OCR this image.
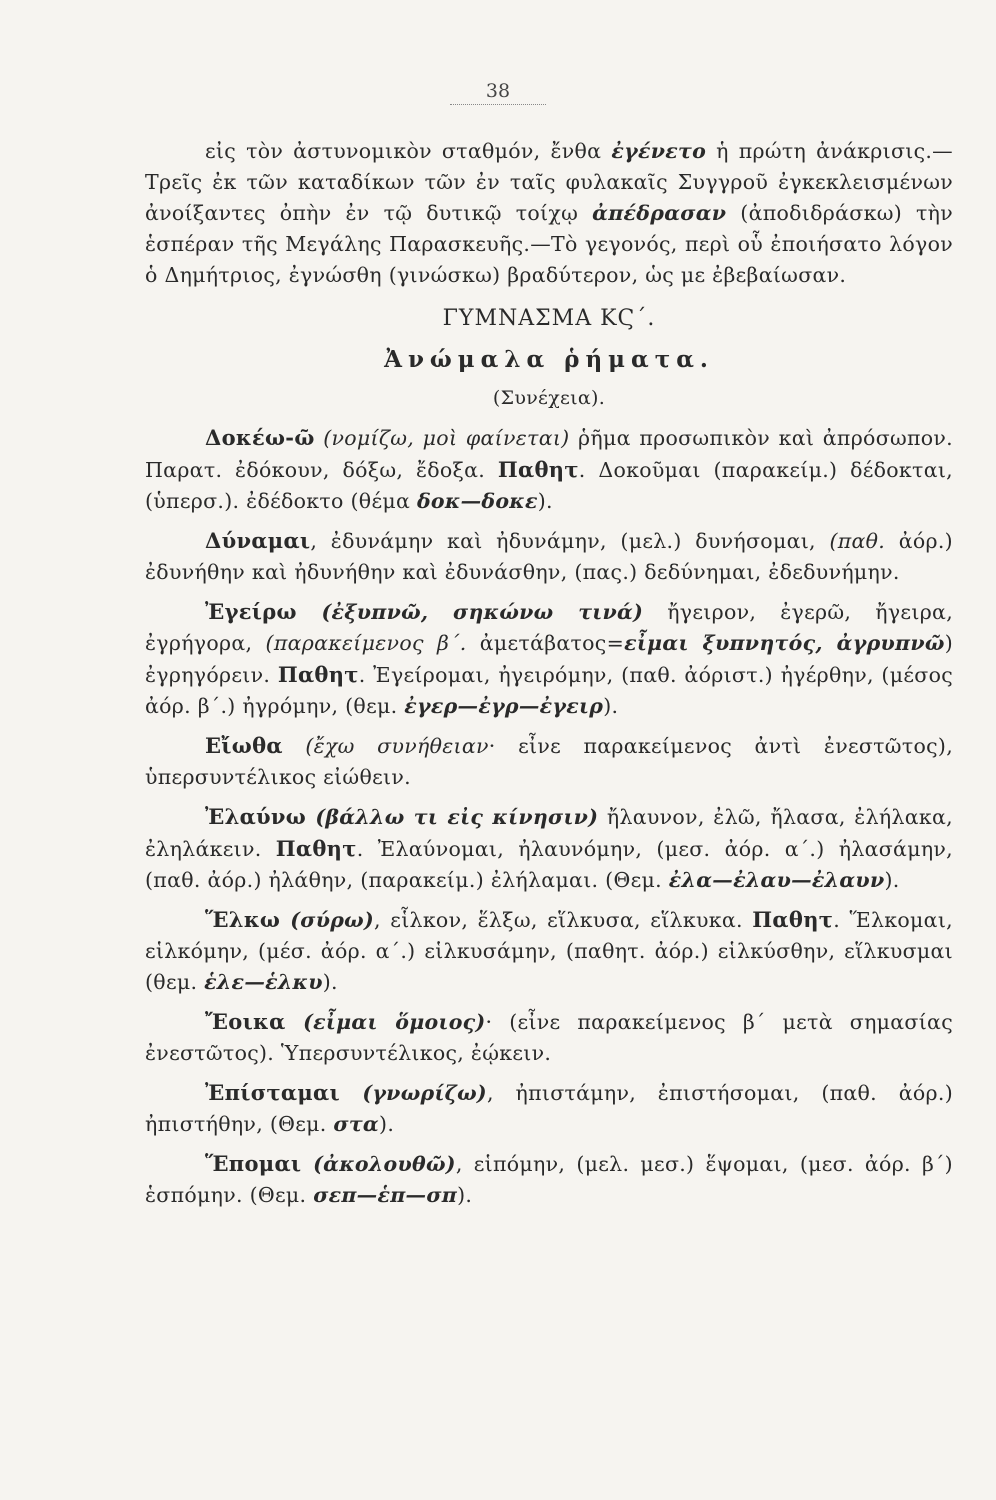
38

εἰς τὸν ἀστυνομικὸν σταθμόν, ἔνθα ἐγένετο ἡ πρώτη ἀνάκρισις.—Τρεῖς ἐκ τῶν καταδίκων τῶν ἐν ταῖς φυλακαῖς Συγγροῦ ἐγκεκλεισμένων ἀνοίξαντες ὀπὴν ἐν τῷ δυτικῷ τοίχῳ ἀπέδρασαν (ἀποδιδράσκω) τὴν ἑσπέραν τῆς Μεγάλης Παρασκευῆς.—Τὸ γεγονός, περὶ οὗ ἐποιήσατο λόγον ὁ Δημήτριος, ἐγνώσθη (γινώσκω) βραδύτερον, ὡς με ἐβεβαίωσαν.

ΓΥΜΝΑΣΜΑ ΚϚ΄.

Ἀνώμαλα ῥήματα.

(Συνέχεια).

Δοκέω-ῶ (νομίζω, μοὶ φαίνεται) ῥῆμα προσωπικὸν καὶ ἀπρόσωπον. Παρατ. ἐδόκουν, δόξω, ἔδοξα. Παθητ. Δοκοῦμαι (παρακείμ.) δέδοκται, (ὑπερσ.). ἐδέδοκτο (θέμα δοκ—δοκε).

Δύναμαι, ἐδυνάμην καὶ ἠδυνάμην, (μελ.) δυνήσομαι, (παθ. ἀόρ.) ἐδυνήθην καὶ ἠδυνήθην καὶ ἐδυνάσθην, (πας.) δεδύνημαι, ἐδεδυνήμην.

Ἐγείρω (ἐξυπνῶ, σηκώνω τινά) ἤγειρον, ἐγερῶ, ἤγειρα, ἐγρήγορα, (παρακείμενος β΄. ἀμετάβατος=εἶμαι ξυπνητός, ἀγρυπνῶ) ἐγρηγόρειν. Παθητ. Ἐγείρομαι, ἠγειρόμην, (παθ. ἀόριστ.) ἠγέρθην, (μέσος ἀόρ. β΄.) ἠγρόμην, (θεμ. ἐγερ—ἐγρ—ἐγειρ).

Εἴωθα (ἔχω συνήθειαν· εἶνε παρακείμενος ἀντὶ ἐνεστῶτος), ὑπερσυντέλικος εἰώθειν.

Ἐλαύνω (βάλλω τι εἰς κίνησιν) ἤλαυνον, ἐλῶ, ἤλασα, ἐλήλακα, ἐληλάκειν. Παθητ. Ἐλαύνομαι, ἠλαυνόμην, (μεσ. ἀόρ. α΄.) ἠλασάμην, (παθ. ἀόρ.) ἠλάθην, (παρακείμ.) ἐλήλαμαι. (Θεμ. ἐλα—ἐλαυ—ἐλαυν).

Ἕλκω (σύρω), εἷλκον, ἕλξω, εἵλκυσα, εἵλκυκα. Παθητ. Ἕλκομαι, εἱλκόμην, (μέσ. ἀόρ. α΄.) εἱλκυσάμην, (παθητ. ἀόρ.) εἱλκύσθην, εἵλκυσμαι (θεμ. ἑλε—ἑλκυ).

Ἔοικα (εἶμαι ὅμοιος)· (εἶνε παρακείμενος β΄ μετὰ σημασίας ἐνεστῶτος). Ὑπερσυντέλικος, ἐῴκειν.

Ἐπίσταμαι (γνωρίζω), ἠπιστάμην, ἐπιστήσομαι, (παθ. ἀόρ.) ἠπιστήθην, (Θεμ. στα).

Ἕπομαι (ἀκολουθῶ), εἱπόμην, (μελ. μεσ.) ἕψομαι, (μεσ. ἀόρ. β΄) ἑσπόμην. (Θεμ. σεπ—ἑπ—σπ).
